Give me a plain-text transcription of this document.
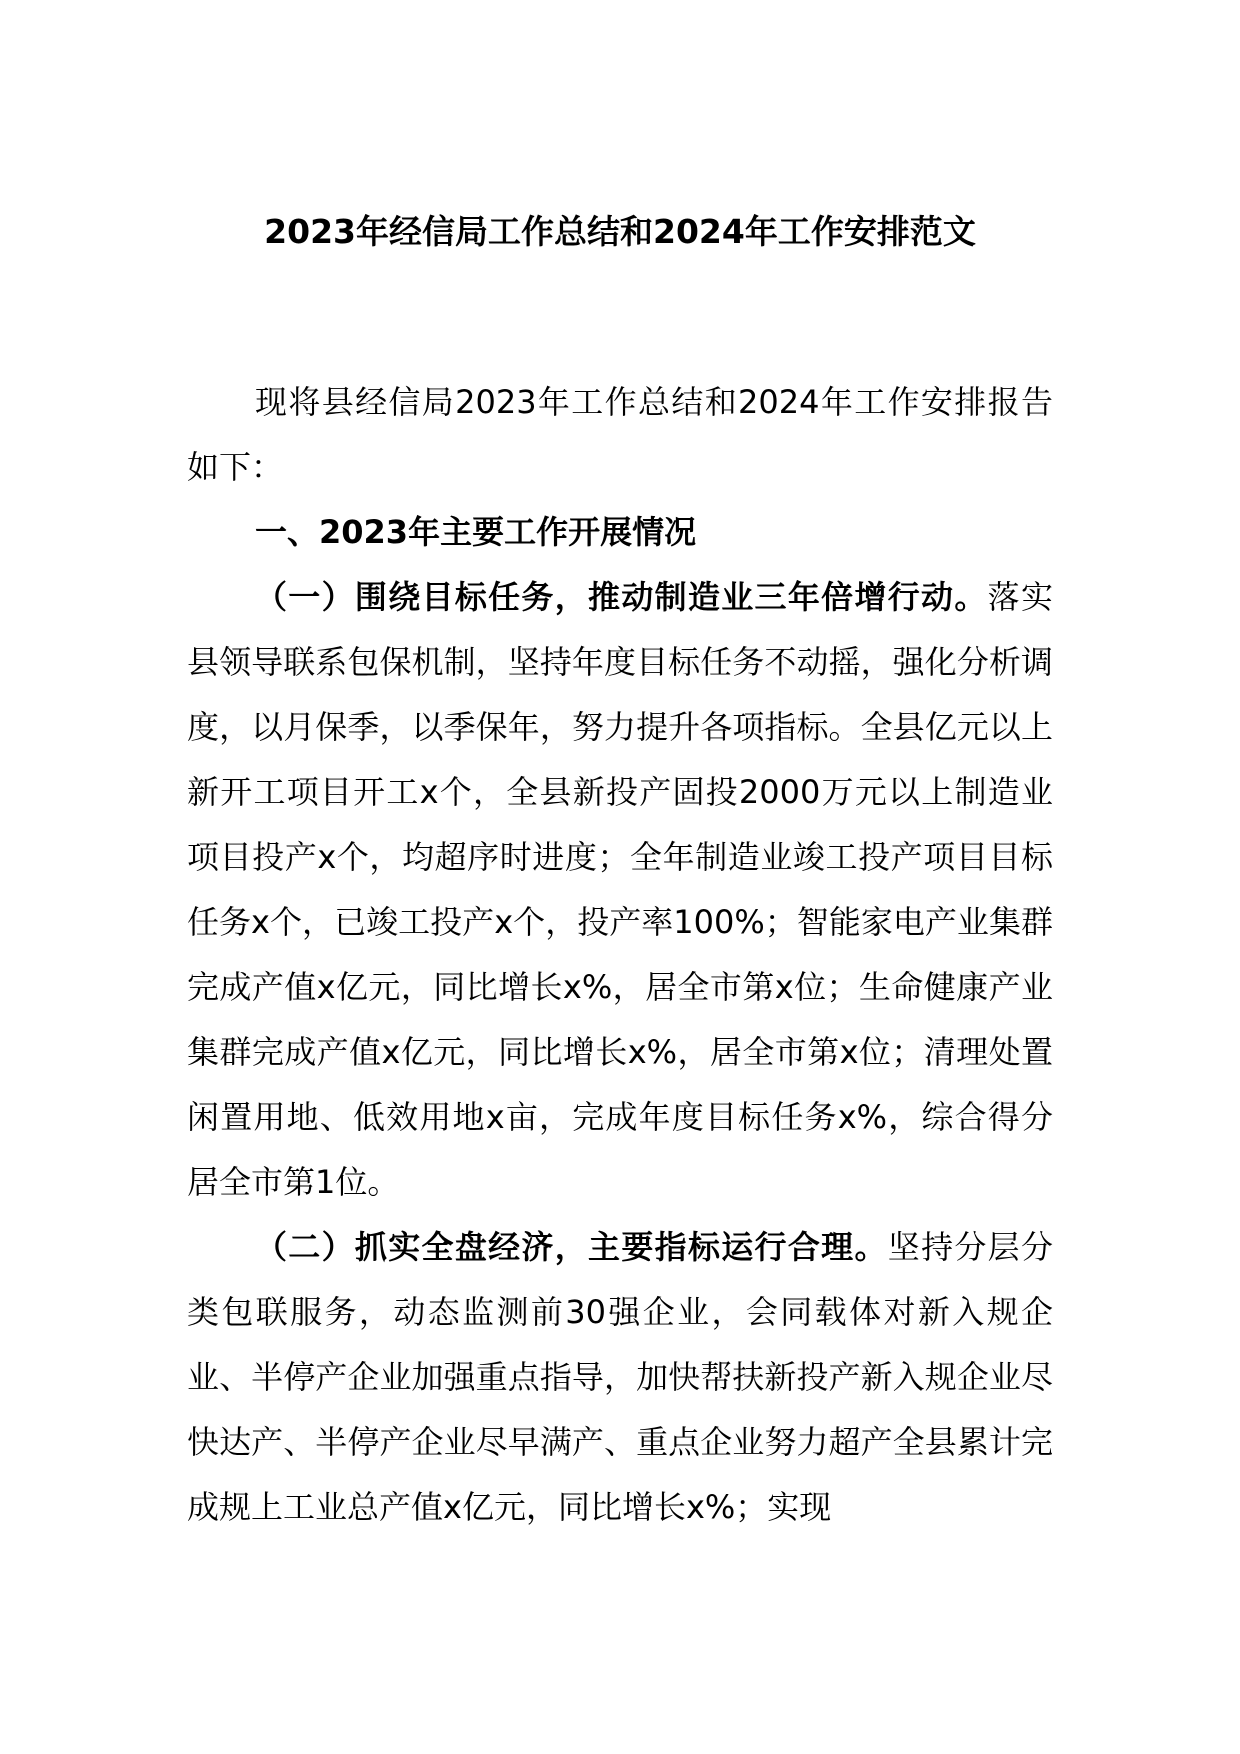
2023年经信局工作总结和2024年工作安排范文

现将县经信局2023年工作总结和2024年工作安排报告如下：

一、2023年主要工作开展情况

（一）围绕目标任务，推动制造业三年倍增行动。落实县领导联系包保机制，坚持年度目标任务不动摇，强化分析调度，以月保季，以季保年，努力提升各项指标。全县亿元以上新开工项目开工x个，全县新投产固投2000万元以上制造业项目投产x个，均超序时进度；全年制造业竣工投产项目目标任务x个，已竣工投产x个，投产率100%；智能家电产业集群完成产值x亿元，同比增长x%，居全市第x位；生命健康产业集群完成产值x亿元，同比增长x%，居全市第x位；清理处置闲置用地、低效用地x亩，完成年度目标任务x%，综合得分居全市第1位。

（二）抓实全盘经济，主要指标运行合理。坚持分层分类包联服务，动态监测前30强企业，会同载体对新入规企业、半停产企业加强重点指导，加快帮扶新投产新入规企业尽快达产、半停产企业尽早满产、重点企业努力超产全县累计完成规上工业总产值x亿元，同比增长x%；实现
